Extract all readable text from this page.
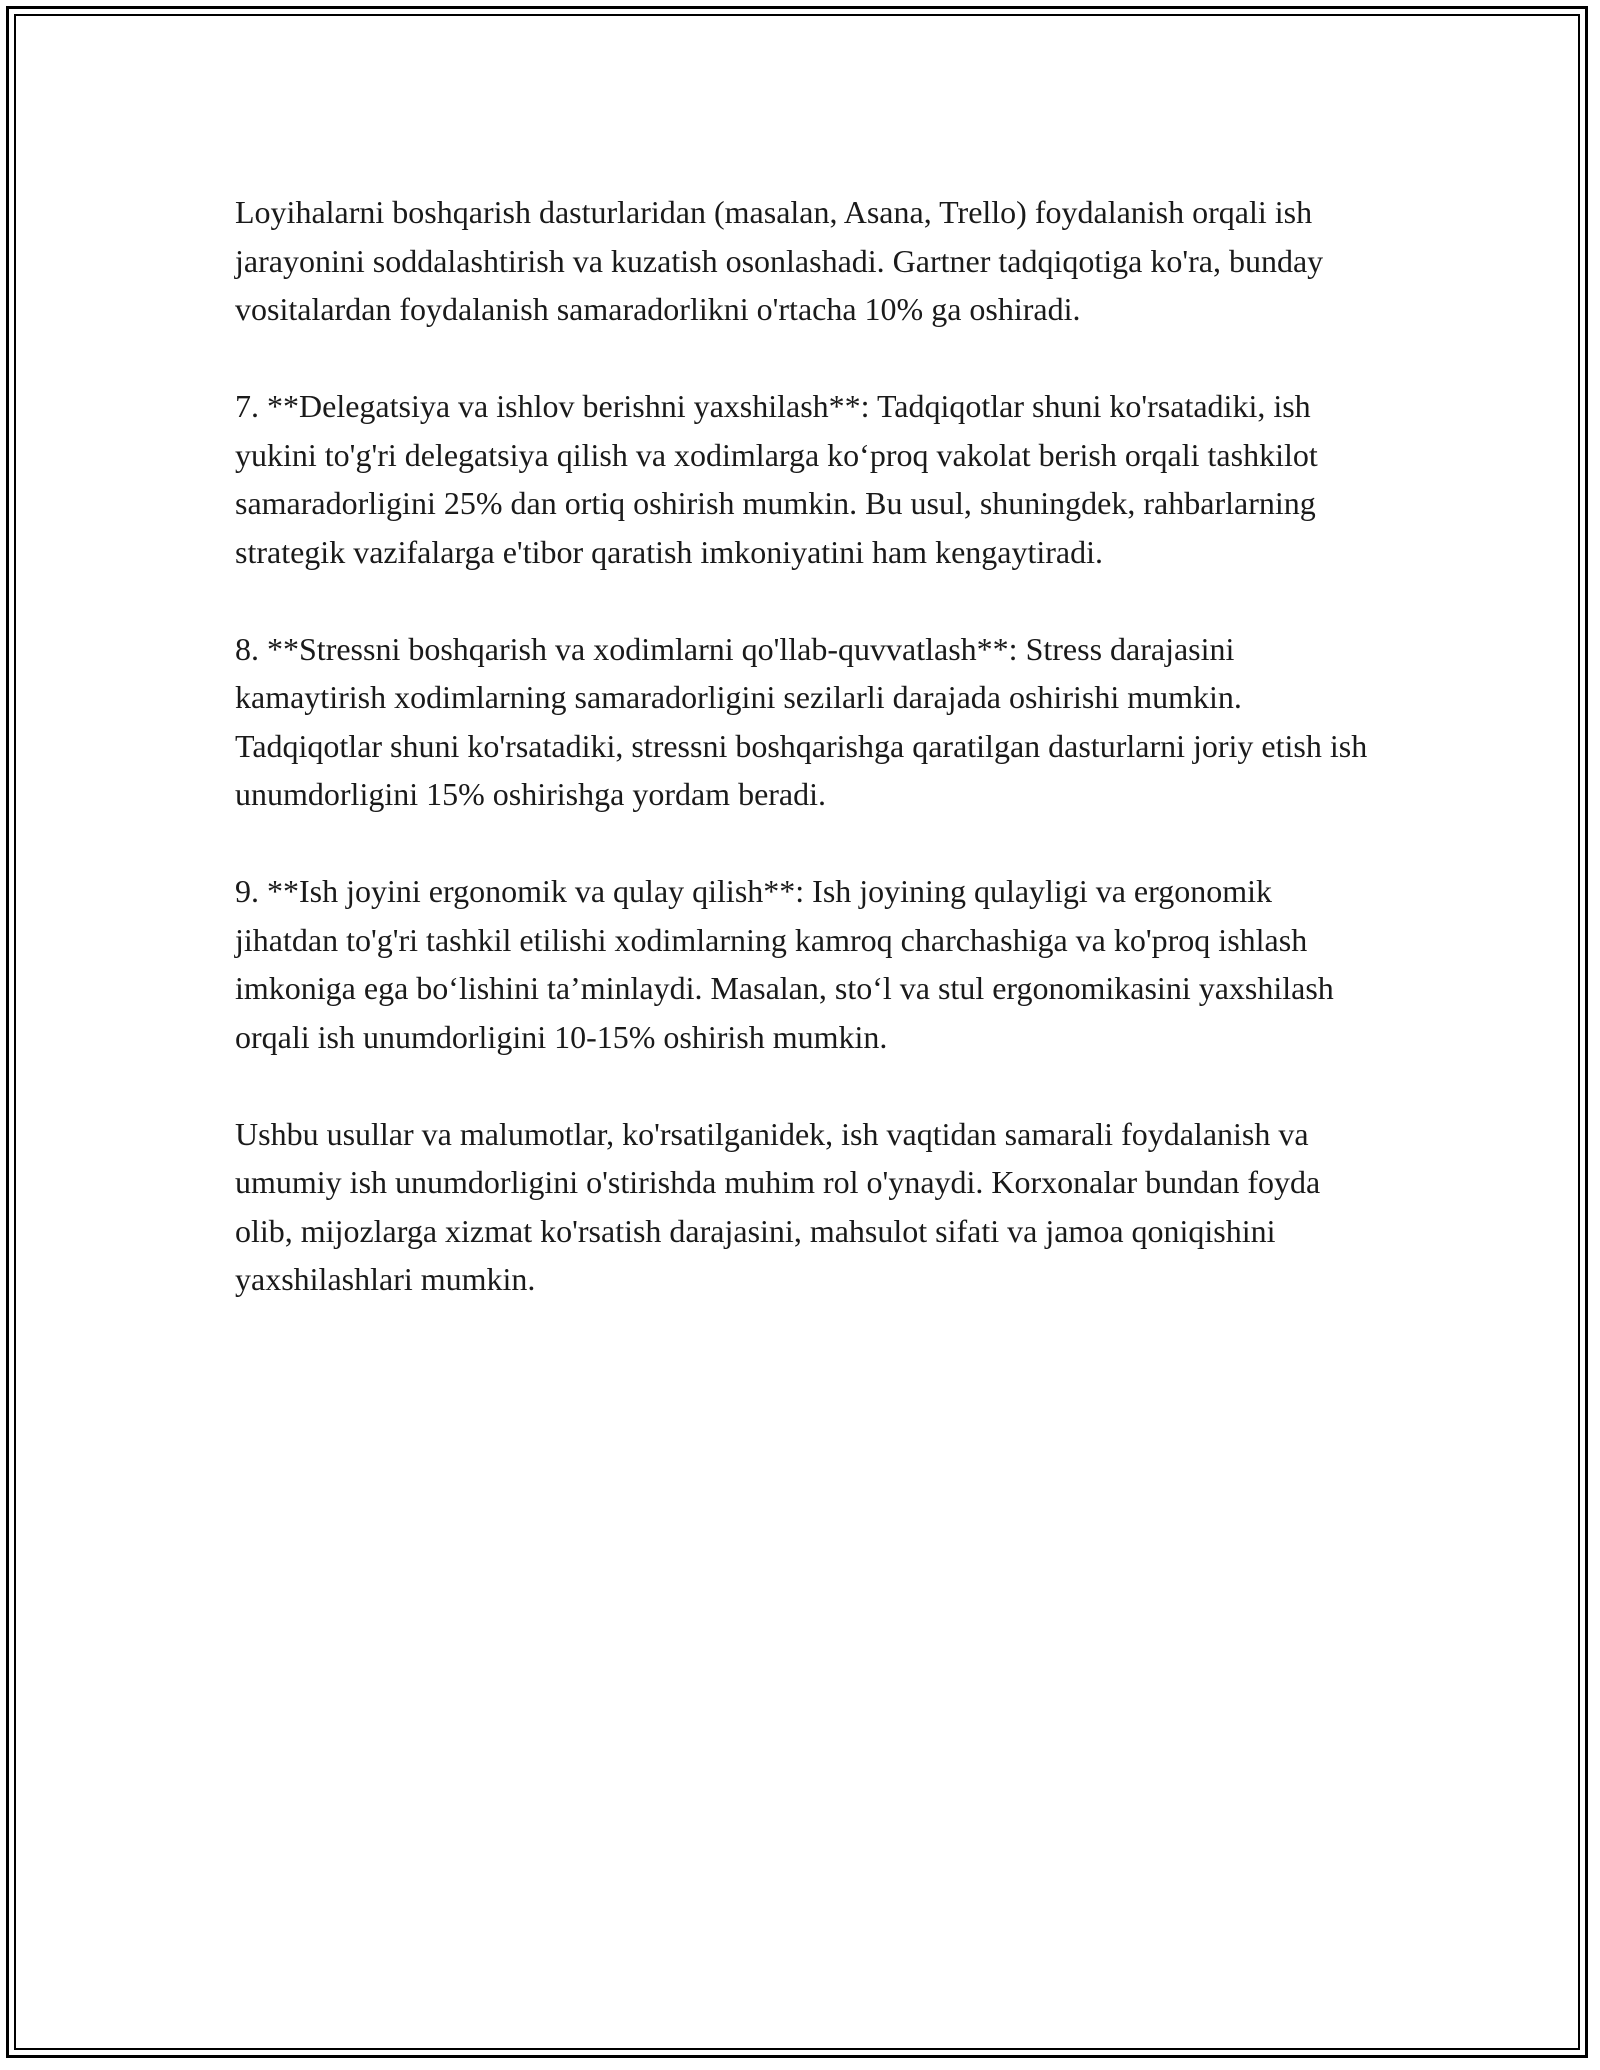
Loyihalarni boshqarish dasturlaridan (masalan, Asana, Trello) foydalanish orqali ish jarayonini soddalashtirish va kuzatish osonlashadi. Gartner tadqiqotiga ko'ra, bunday vositalardan foydalanish samaradorlikni o'rtacha 10% ga oshiradi.

7. **Delegatsiya va ishlov berishni yaxshilash**: Tadqiqotlar shuni ko'rsatadiki, ish yukini to'g'ri delegatsiya qilish va xodimlarga ko‘proq vakolat berish orqali tashkilot samaradorligini 25% dan ortiq oshirish mumkin. Bu usul, shuningdek, rahbarlarning strategik vazifalarga e'tibor qaratish imkoniyatini ham kengaytiradi.

8. **Stressni boshqarish va xodimlarni qo'llab-quvvatlash**: Stress darajasini kamaytirish xodimlarning samaradorligini sezilarli darajada oshirishi mumkin. Tadqiqotlar shuni ko'rsatadiki, stressni boshqarishga qaratilgan dasturlarni joriy etish ish unumdorligini 15% oshirishga yordam beradi.

9. **Ish joyini ergonomik va qulay qilish**: Ish joyining qulayligi va ergonomik jihatdan to'g'ri tashkil etilishi xodimlarning kamroq charchashiga va ko'proq ishlash imkoniga ega bo‘lishini ta’minlaydi. Masalan, sto‘l va stul ergonomikasini yaxshilash orqali ish unumdorligini 10-15% oshirish mumkin.

Ushbu usullar va malumotlar, ko'rsatilganidek, ish vaqtidan samarali foydalanish va umumiy ish unumdorligini o'stirishda muhim rol o'ynaydi. Korxonalar bundan foyda olib, mijozlarga xizmat ko'rsatish darajasini, mahsulot sifati va jamoa qoniqishini yaxshilashlari mumkin.
